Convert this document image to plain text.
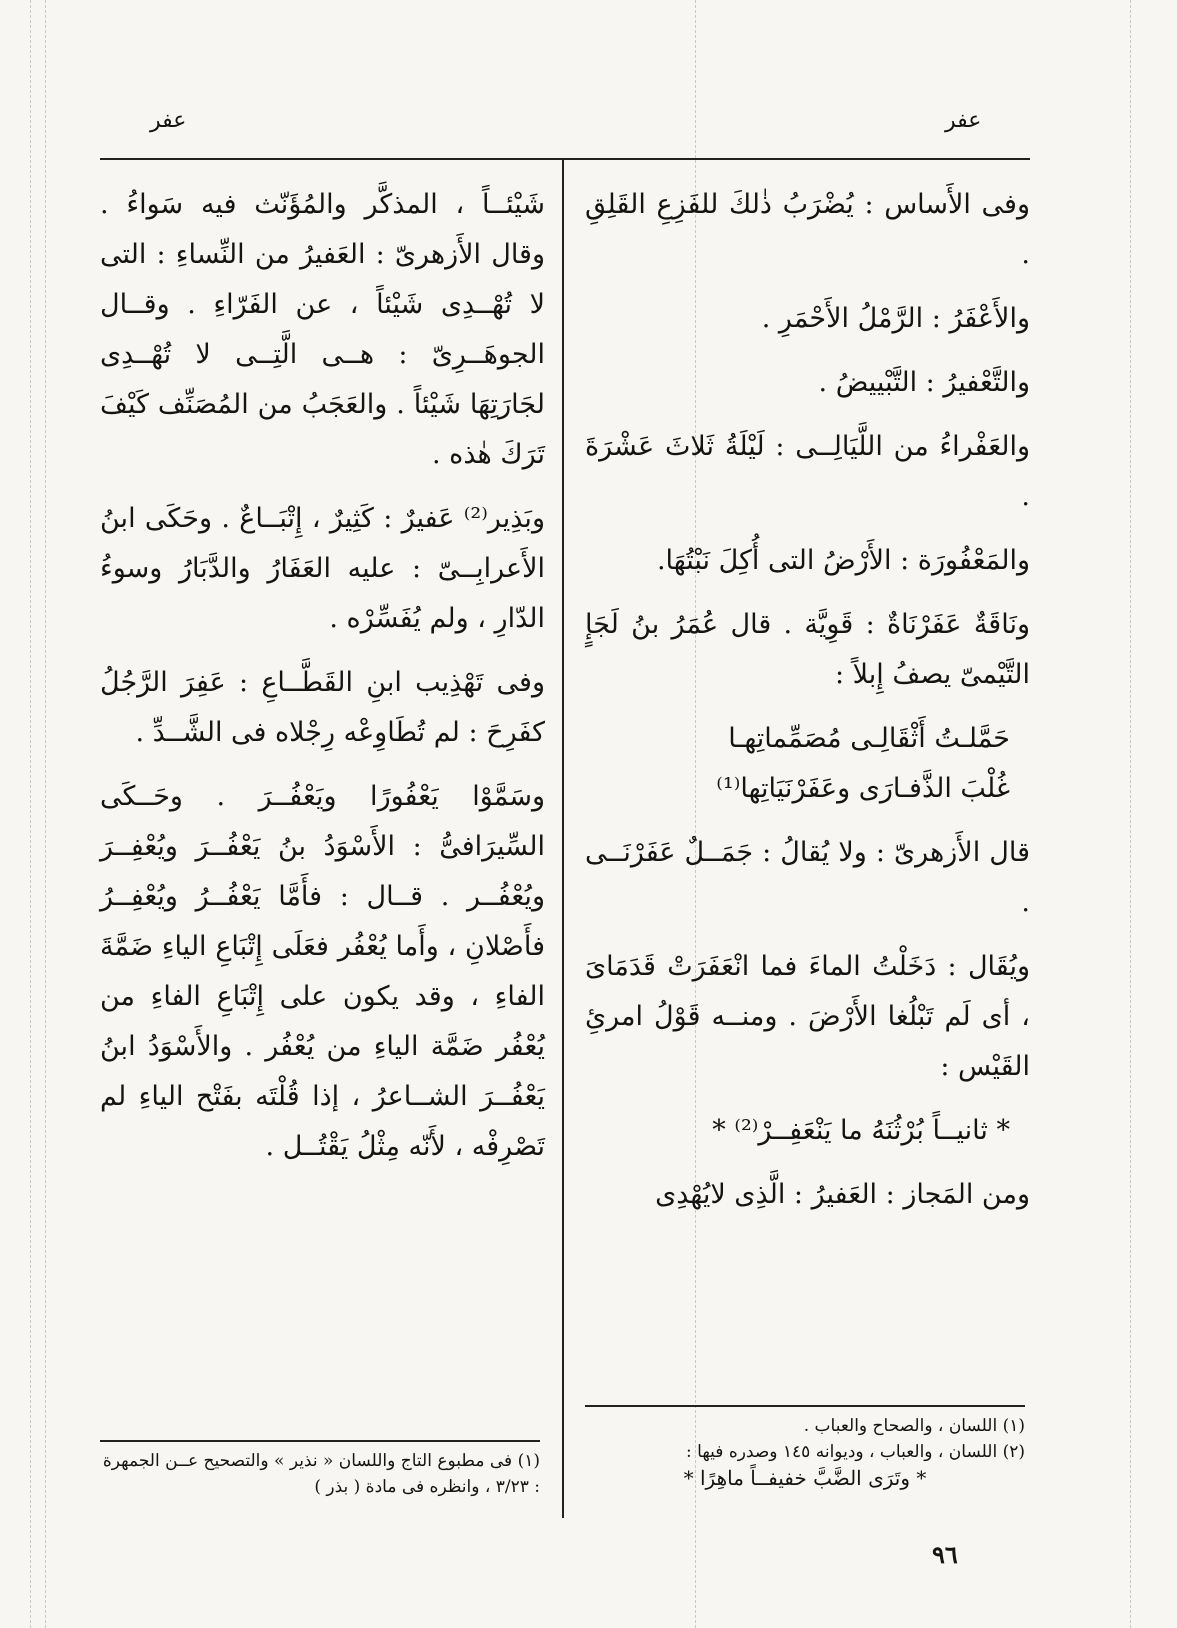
عفر
عفر

وفى الأَساس : يُضْرَبُ ذٰلكَ للفَزِعِ القَلِقِ .

والأَعْفَرُ : الرَّمْلُ الأَحْمَرِ .

والتَّعْفيرُ : التَّبْييضُ .

والعَفْراءُ من اللَّيَالِــى : لَيْلَةُ ثَلاثَ عَشْرَةَ .

والمَعْفُورَة : الأَرْضُ التى أُكِلَ نَبْتُهَا.

ونَاقَةٌ عَفَرْنَاةٌ : قَوِيَّة . قال عُمَرُ بنُ لَجَإٍ التَّيْمىّ يصفُ إِبلاً :

حَمَّلـتُ أَثْقَالِـى مُصَمِّماتِهـا
غُلْبَ الذَّفـارَى وعَفَرْنَيَاتِها⁽¹⁾

قال الأَزهرىّ : ولا يُقالُ : جَمَــلٌ عَفَرْنَــى .

ويُقَال : دَخَلْتُ الماءَ فما انْعَفَرَتْ قَدَمَاىَ ، أى لَم تَبْلُغا الأَرْضَ . ومنــه قَوْلُ امرئِ القَيْس :

* ثانيــاً بُرْثُنَهُ ما يَنْعَفِــرْ⁽²⁾ *

ومن المَجاز : العَفيرُ : الَّذِى لايُهْدِى

شَيْئــاً ، المذكَّر والمُؤَنّث فيه سَواءُ . وقال الأَزهرىّ : العَفيرُ من النِّساءِ : التى لا تُهْــدِى شَيْئاً ، عن الفَرّاءِ . وقــال الجوهَــرِىّ : هــى الَّتِــى لا تُهْــدِى لجَارَتِهَا شَيْئاً . والعَجَبُ من المُصَنِّف كَيْفَ تَرَكَ هٰذه .

وبَذِير⁽²⁾ عَفيرٌ : كَثِيرٌ ، إِتْبَــاعٌ . وحَكَى ابنُ الأَعرابِــىّ : عليه العَفَارُ والدَّبَارُ وسوءُ الدّارِ ، ولم يُفَسِّرْه .

وفى تَهْذِيب ابنِ القَطَّــاعِ : عَفِرَ الرَّجُلُ كفَرِحَ : لم تُطَاوِعْه رِجْلاه فى الشَّــدِّ .

وسَمَّوْا يَعْفُورًا ويَعْفُــرَ . وحَــكَى السِّيرَافىُّ : الأَسْوَدُ بنُ يَعْفُــرَ ويُعْفِــرَ ويُعْفُــر . قــال : فأَمَّا يَعْفُــرُ ويُعْفِــرُ فأَصْلانِ ، وأَما يُعْفُر فعَلَى إِتْبَاعِ الياءِ ضَمَّةَ الفاءِ ، وقد يكون على إِتْبَاعِ الفاءِ من يُعْفُر ضَمَّة الياءِ من يُعْفُر . والأَسْوَدُ ابنُ يَعْفُــرَ الشــاعرُ ، إذا قُلْتَه بفَتْح الياءِ لم تَصْرِفْه ، لأَنّه مِثْلُ يَقْتُــل .

(١) اللسان ، والصحاح والعباب .

(٢) اللسان ، والعباب ، وديوانه ١٤٥ وصدره فيها :

* وتَرَى الضَّبَّ خفيفــاً ماهِرًا *

(١) فى مطبوع التاج واللسان « نذير » والتصحيح عــن الجمهرة : ٣/٢٣ ، وانظره فى مادة ( بذر )

٩٦
